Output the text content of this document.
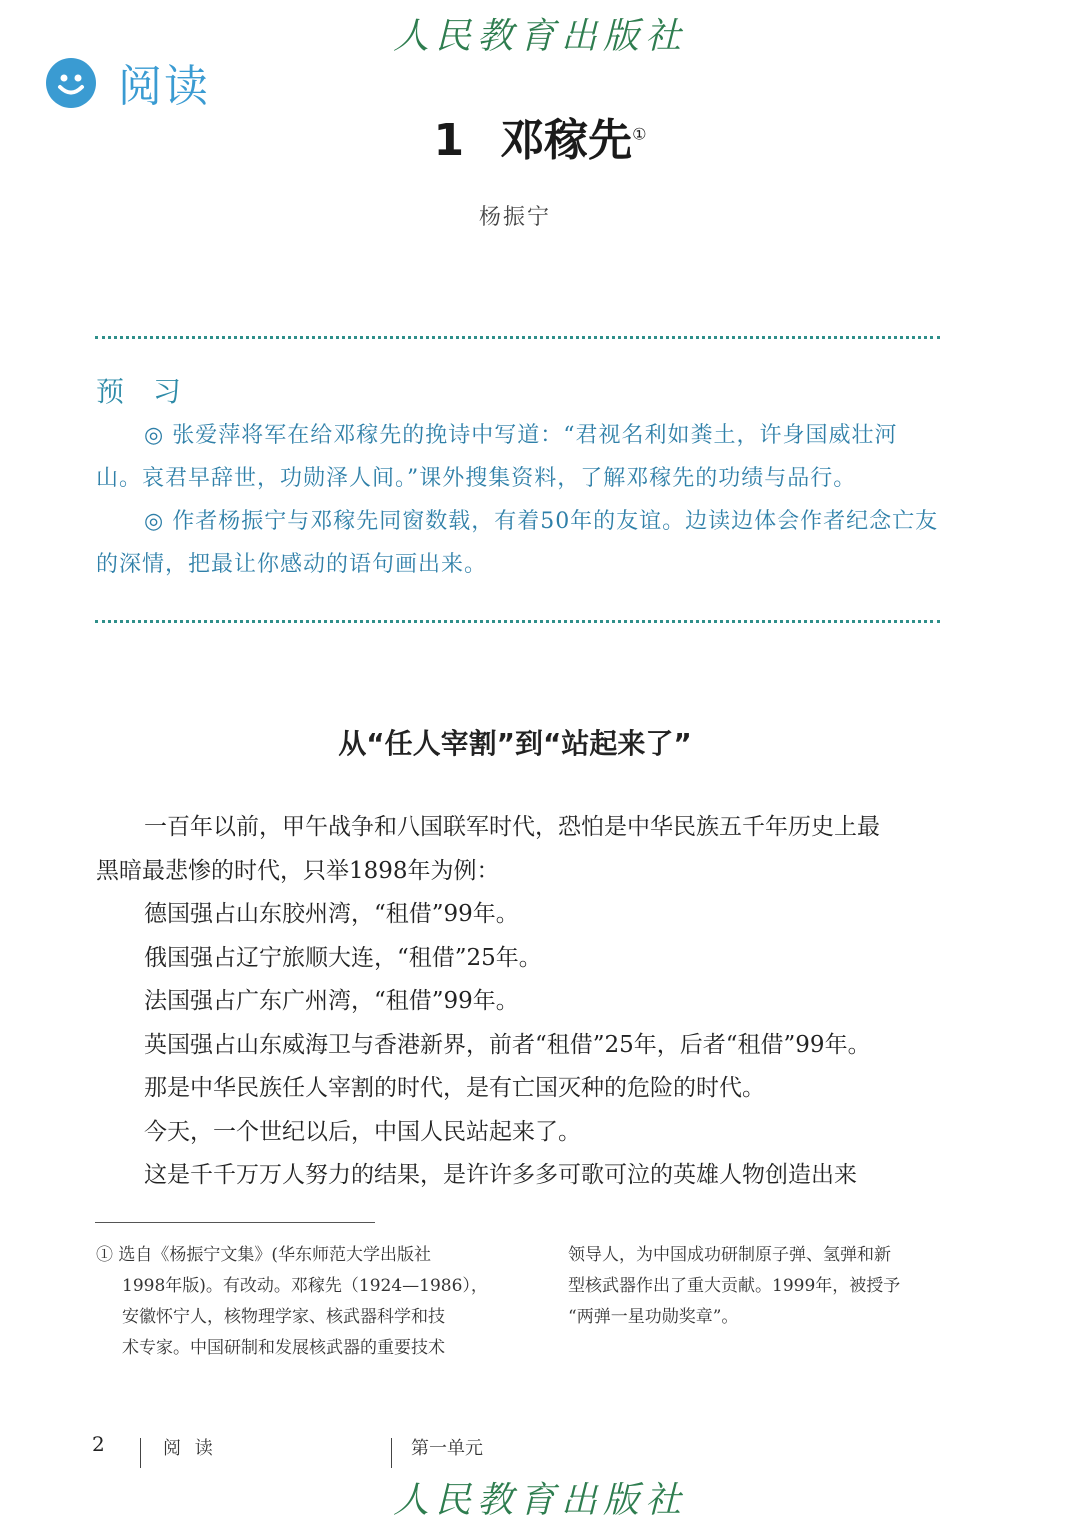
人民教育出版社
阅读
1 邓稼先①
杨振宁
预 习
◎ 张爱萍将军在给邓稼先的挽诗中写道：“君视名利如粪土，许身国威壮河山。哀君早辞世，功勋泽人间。”课外搜集资料，了解邓稼先的功绩与品行。
◎ 作者杨振宁与邓稼先同窗数载，有着50年的友谊。边读边体会作者纪念亡友的深情，把最让你感动的语句画出来。
从“任人宰割”到“站起来了”
一百年以前，甲午战争和八国联军时代，恐怕是中华民族五千年历史上最
黑暗最悲惨的时代，只举1898年为例：
德国强占山东胶州湾，“租借”99年。
俄国强占辽宁旅顺大连，“租借”25年。
法国强占广东广州湾，“租借”99年。
英国强占山东威海卫与香港新界，前者“租借”25年，后者“租借”99年。
那是中华民族任人宰割的时代，是有亡国灭种的危险的时代。
今天，一个世纪以后，中国人民站起来了。
这是千千万万人努力的结果，是许许多多可歌可泣的英雄人物创造出来
① 选自《杨振宁文集》(华东师范大学出版社
1998年版)。有改动。邓稼先（1924—1986），
安徽怀宁人，核物理学家、核武器科学和技
术专家。中国研制和发展核武器的重要技术
领导人，为中国成功研制原子弹、氢弹和新
型核武器作出了重大贡献。1999年，被授予
“两弹一星功勋奖章”。
2	阅 读	第一单元
人民教育出版社
